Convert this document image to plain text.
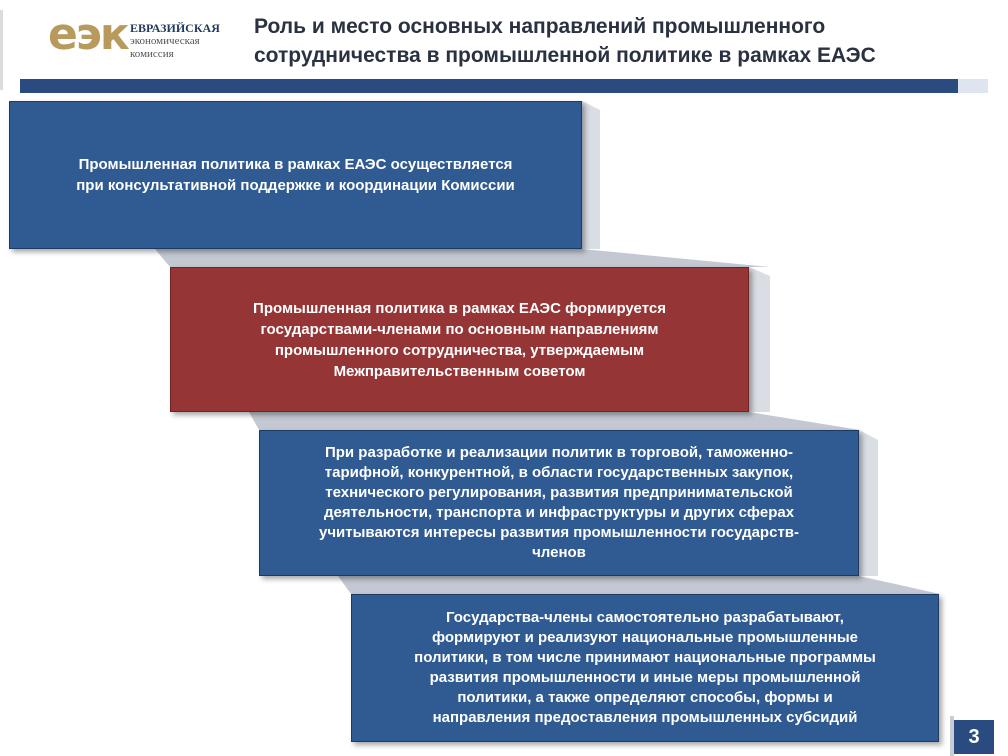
еэк ЕВРАЗИЙСКАЯ
экономическая
комиссия
Роль и место основных направлений промышленного
сотрудничества в промышленной политике в рамках ЕАЭС
Промышленная политика в рамках ЕАЭС осуществляется
при консультативной поддержке и координации Комиссии
Промышленная политика в рамках ЕАЭС формируется
государствами-членами по основным направлениям
промышленного сотрудничества, утверждаемым
Межправительственным советом
При разработке и реализации политик в торговой, таможенно-
тарифной, конкурентной, в области государственных закупок,
технического регулирования, развития предпринимательской
деятельности, транспорта и инфраструктуры и других сферах
учитываются интересы развития промышленности государств-
членов
Государства-члены самостоятельно разрабатывают,
формируют и реализуют национальные промышленные
политики, в том числе принимают национальные программы
развития промышленности и иные меры промышленной
политики, а также определяют способы, формы и
направления предоставления промышленных субсидий
3
